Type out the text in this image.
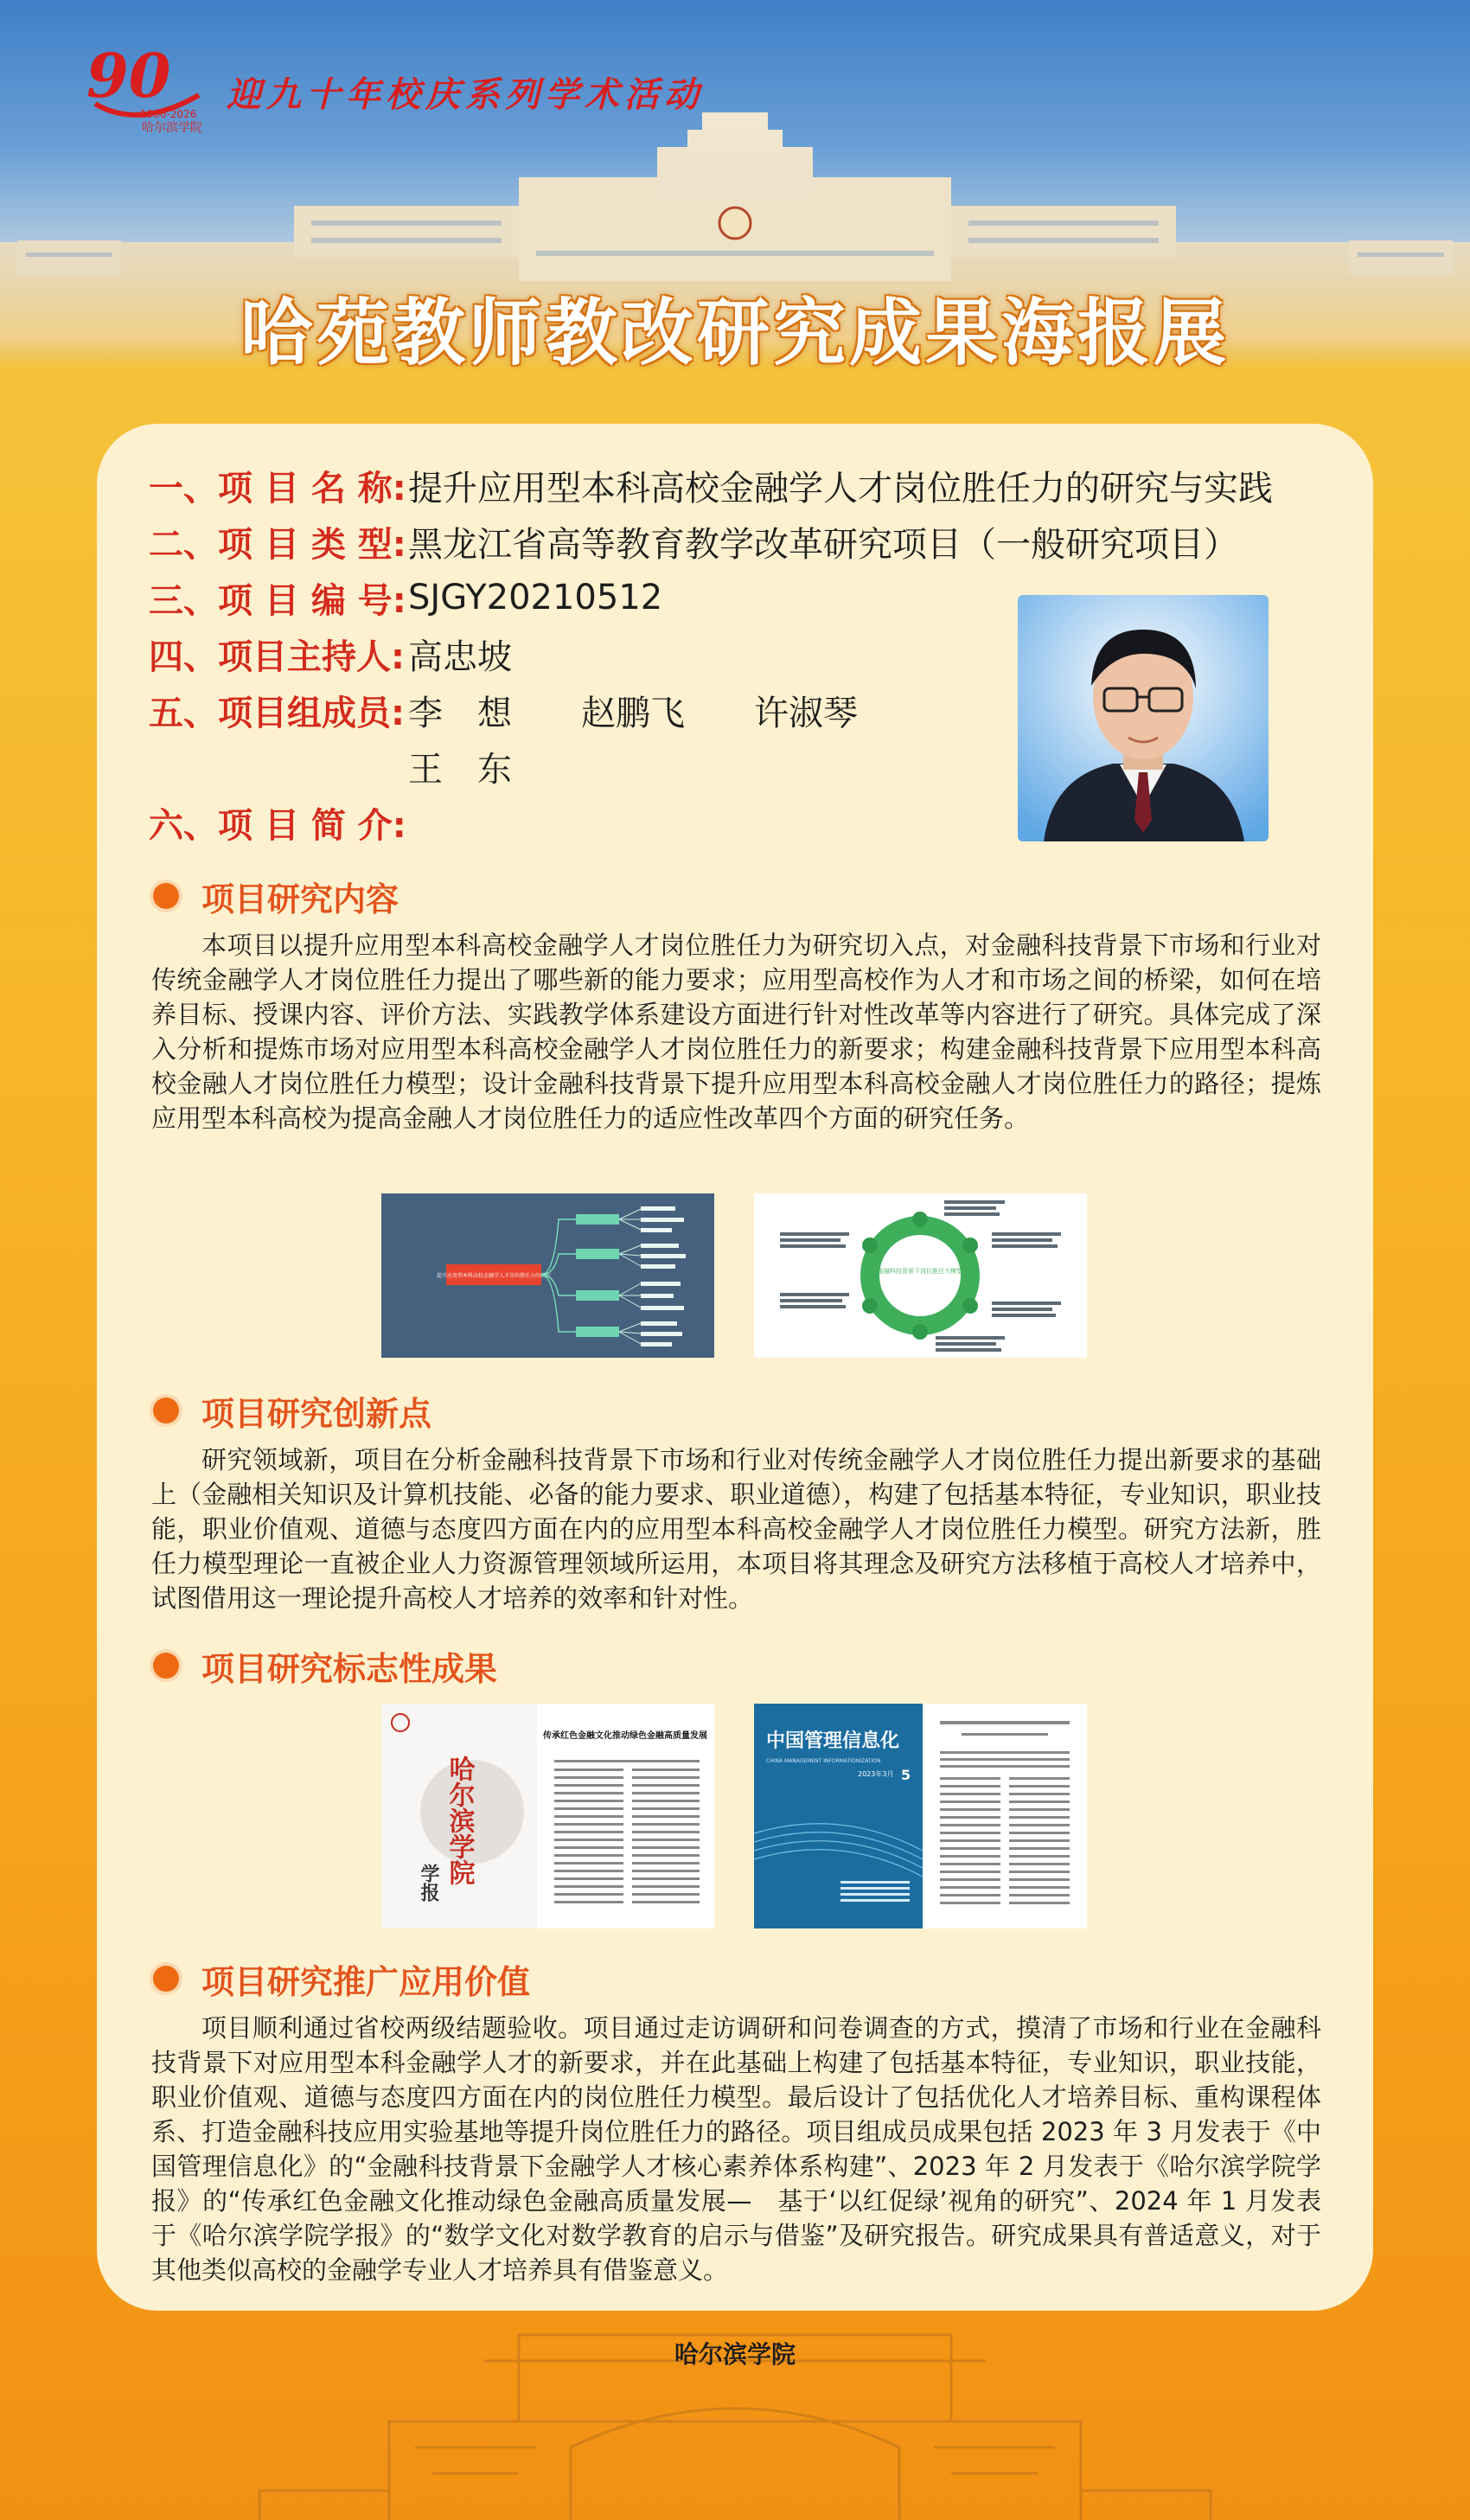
90
1936-2026
哈尔滨学院
迎九十年校庆系列学术活动
哈苑教师教改研究成果海报展
一、项 目 名 称: 提升应用型本科高校金融学人才岗位胜任力的研究与实践
二、项 目 类 型: 黑龙江省高等教育教学改革研究项目（一般研究项目）
三、项 目 编 号: SJGY20210512
四、项目主持人: 高忠坡
五、项目组成员: 李　想　　赵鹏飞　　许淑琴
王　东
六、项 目 简 介:
项目研究内容

本项目以提升应用型本科高校金融学人才岗位胜任力为研究切入点，对金融科技背景下市场和行业对传统金融学人才岗位胜任力提出了哪些新的能力要求；应用型高校作为人才和市场之间的桥梁，如何在培养目标、授课内容、评价方法、实践教学体系建设方面进行针对性改革等内容进行了研究。具体完成了深入分析和提炼市场对应用型本科高校金融学人才岗位胜任力的新要求；构建金融科技背景下应用型本科高校金融人才岗位胜任力模型；设计金融科技背景下提升应用型本科高校金融人才岗位胜任力的路径；提炼应用型本科高校为提高金融人才岗位胜任力的适应性改革四个方面的研究任务。

提升应用型本科高校金融学人才岗位胜任力的研究
金融科技背景下岗位胜任力模型
项目研究创新点

研究领域新，项目在分析金融科技背景下市场和行业对传统金融学人才岗位胜任力提出新要求的基础上（金融相关知识及计算机技能、必备的能力要求、职业道德），构建了包括基本特征，专业知识，职业技能，职业价值观、道德与态度四方面在内的应用型本科高校金融学人才岗位胜任力模型。研究方法新，胜任力模型理论一直被企业人力资源管理领域所运用，本项目将其理念及研究方法移植于高校人才培养中，试图借用这一理论提升高校人才培养的效率和针对性。

项目研究标志性成果
哈尔滨学院
学报
传承红色金融文化推动绿色金融高质量发展	中国管理信息化
CHINA MANAGEMENT INFORMATIONIZATION
2023年3月 5
项目研究推广应用价值

项目顺利通过省校两级结题验收。项目通过走访调研和问卷调查的方式，摸清了市场和行业在金融科技背景下对应用型本科金融学人才的新要求，并在此基础上构建了包括基本特征，专业知识，职业技能，职业价值观、道德与态度四方面在内的岗位胜任力模型。最后设计了包括优化人才培养目标、重构课程体系、打造金融科技应用实验基地等提升岗位胜任力的路径。项目组成员成果包括 2023 年 3 月发表于《中国管理信息化》的“金融科技背景下金融学人才核心素养体系构建”、2023 年 2 月发表于《哈尔滨学院学报》的“传承红色金融文化推动绿色金融高质量发展—　基于‘以红促绿’视角的研究”、2024 年 1 月发表于《哈尔滨学院学报》的“数学文化对数学教育的启示与借鉴”及研究报告。研究成果具有普适意义，对于其他类似高校的金融学专业人才培养具有借鉴意义。

哈尔滨学院
